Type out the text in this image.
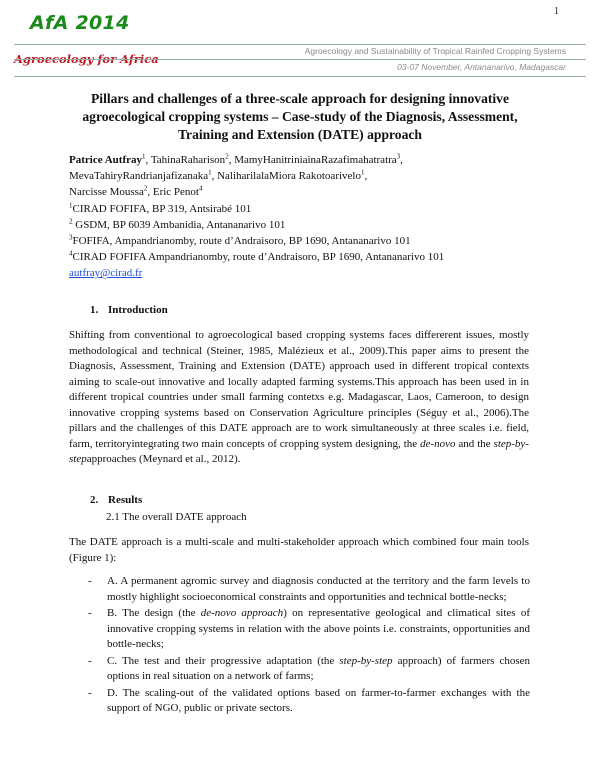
AfA 2014
Agroecology for Africa
1
Agroecology and Sustainability of Tropical Rainfed Cropping Systems
03-07 November, Antananarivo, Madagascar
Pillars and challenges of a three-scale approach for designing innovative agroecological cropping systems – Case-study of the Diagnosis, Assessment, Training and Extension (DATE) approach

Patrice Autfray$^1$, TahinaRaharison$^2$, MamyHanitriniainaRazafimahatratra$^3$,

MevaTahiryRandrianjafizanaka$^1$, NaliharilalaMiora Rakotoarivelo$^1$,

Narcisse Moussa$^2$, Eric Penot$^4$

$^1$CIRAD FOFIFA, BP 319, Antsirabé 101

$^2$ GSDM, BP 6039 Ambanidia, Antananarivo 101

$^3$FOFIFA, Ampandrianomby, route d’Andraisoro, BP 1690, Antananarivo 101

$^4$CIRAD FOFIFA Ampandrianomby, route d’Andraisoro, BP 1690, Antananarivo 101

autfray@cirad.fr

1. Introduction

Shifting from conventional to agroecological based cropping systems faces differerent issues, mostly methodological and technical (Steiner, 1985, Malézieux et al., 2009).This paper aims to present the Diagnosis, Assessment, Training and Extension (DATE) approach used in different tropical contexts aiming to scale-out innovative and locally adapted farming systems.This approach has been used in in different tropical countries under small farming contetxs e.g. Madagascar, Laos, Cameroon, to design innovative cropping systems based on Conservation Agriculture principles (Séguy et al., 2006).The pillars and the challenges of this DATE approach are to work simultaneously at three scales i.e. field, farm, territoryintegrating two main concepts of cropping system designing, the de-novo and the step-by-stepapproaches (Meynard et al., 2012).

2. Results
2.1 The overall DATE approach

The DATE approach is a multi-scale and multi-stakeholder approach which combined four main tools (Figure 1):

- A. A permanent agromic survey and diagnosis conducted at the territory and the farm levels to mostly highlight socioeconomical constraints and opportunities and technical bottle-necks;
- B. The design (the de-novo approach) on representative geological and climatical sites of innovative cropping systems in relation with the above points i.e. constraints, opportunities and bottle-necks;
- C. The test and their progressive adaptation (the step-by-step approach) of farmers chosen options in real situation on a network of farms;
- D. The scaling-out of the validated options based on farmer-to-farmer exchanges with the support of NGO, public or private sectors.
